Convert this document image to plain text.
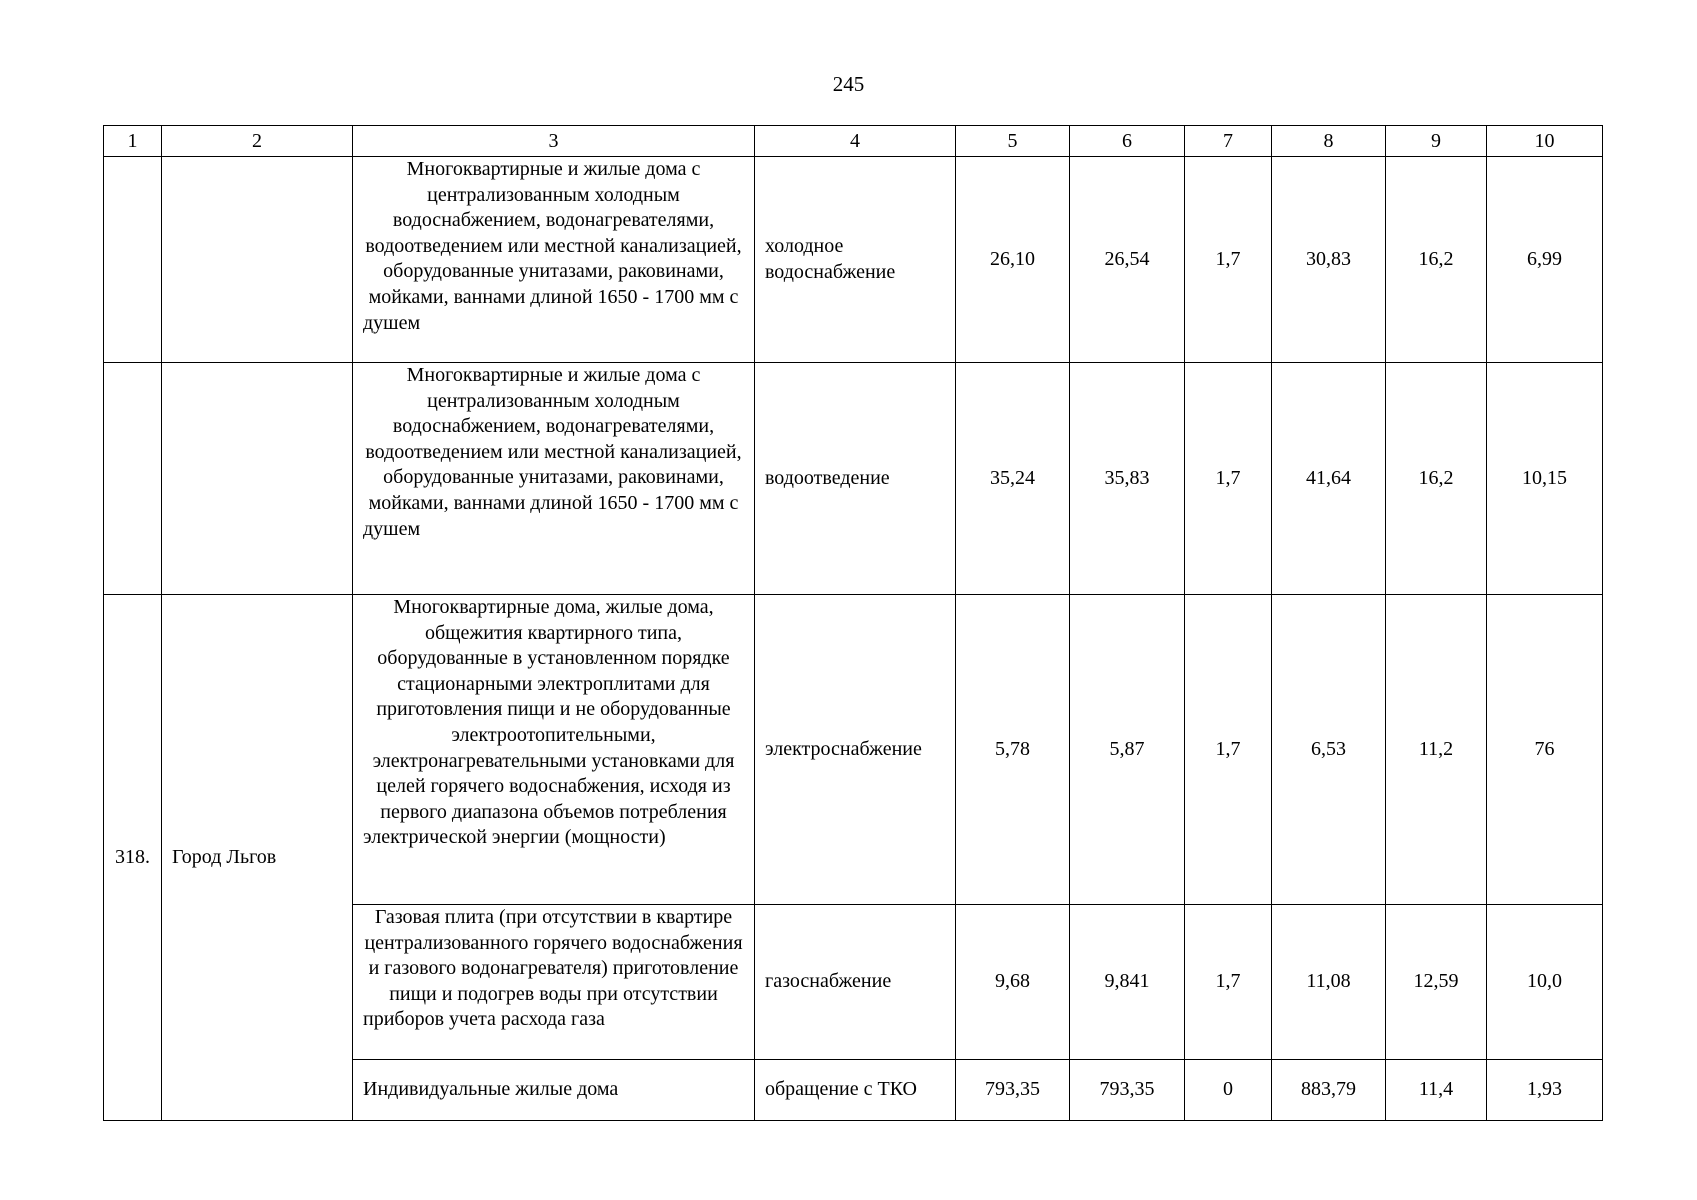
245
1	2	3	4	5	6	7	8	9	10
		Многоквартирные и жилые дома с централизованным холодным водоснабжением, водонагревателями, водоотведением или местной канализацией, оборудованные унитазами, раковинами, мойками, ваннами длиной 1650 - 1700 мм с душем	холодное водоснабжение	26,10	26,54	1,7	30,83	16,2	6,99
		Многоквартирные и жилые дома с централизованным холодным водоснабжением, водонагревателями, водоотведением или местной канализацией, оборудованные унитазами, раковинами, мойками, ваннами длиной 1650 - 1700 мм с душем	водоотведение	35,24	35,83	1,7	41,64	16,2	10,15
318.	Город Льгов	Многоквартирные дома, жилые дома, общежития квартирного типа, оборудованные в установленном порядке стационарными электроплитами для приготовления пищи и не оборудованные электроотопительными, электронагревательными установками для целей горячего водоснабжения, исходя из первого диапазона объемов потребления электрической энергии (мощности)	электроснабжение	5,78	5,87	1,7	6,53	11,2	76
		Газовая плита (при отсутствии в квартире централизованного горячего водоснабжения и газового водонагревателя) приготовление пищи и подогрев воды при отсутствии приборов учета расхода газа	газоснабжение	9,68	9,841	1,7	11,08	12,59	10,0
		Индивидуальные жилые дома	обращение с ТКО	793,35	793,35	0	883,79	11,4	1,93
